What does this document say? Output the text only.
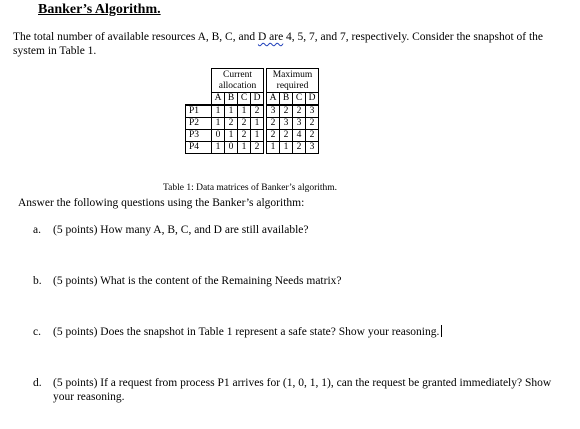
Banker’s Algorithm.
The total number of available resources A, B, C, and D are 4, 5, 7, and 7, respectively. Consider the snapshot of the system in Table 1.
	Current allocation					Maximum required			
	A	B	C	D		A	B	C	D
P1	1	1	1	2		3	2	2	3
P2	1	2	2	1		2	3	3	2
P3	0	1	2	1		2	2	4	2
P4	1	0	1	2		1	1	2	3
Table 1: Data matrices of Banker’s algorithm.
Answer the following questions using the Banker’s algorithm:
a. (5 points) How many A, B, C, and D are still available?
b. (5 points) What is the content of the Remaining Needs matrix?
c. (5 points) Does the snapshot in Table 1 represent a safe state? Show your reasoning.
d. (5 points) If a request from process P1 arrives for (1, 0, 1, 1), can the request be granted immediately? Show your reasoning.
